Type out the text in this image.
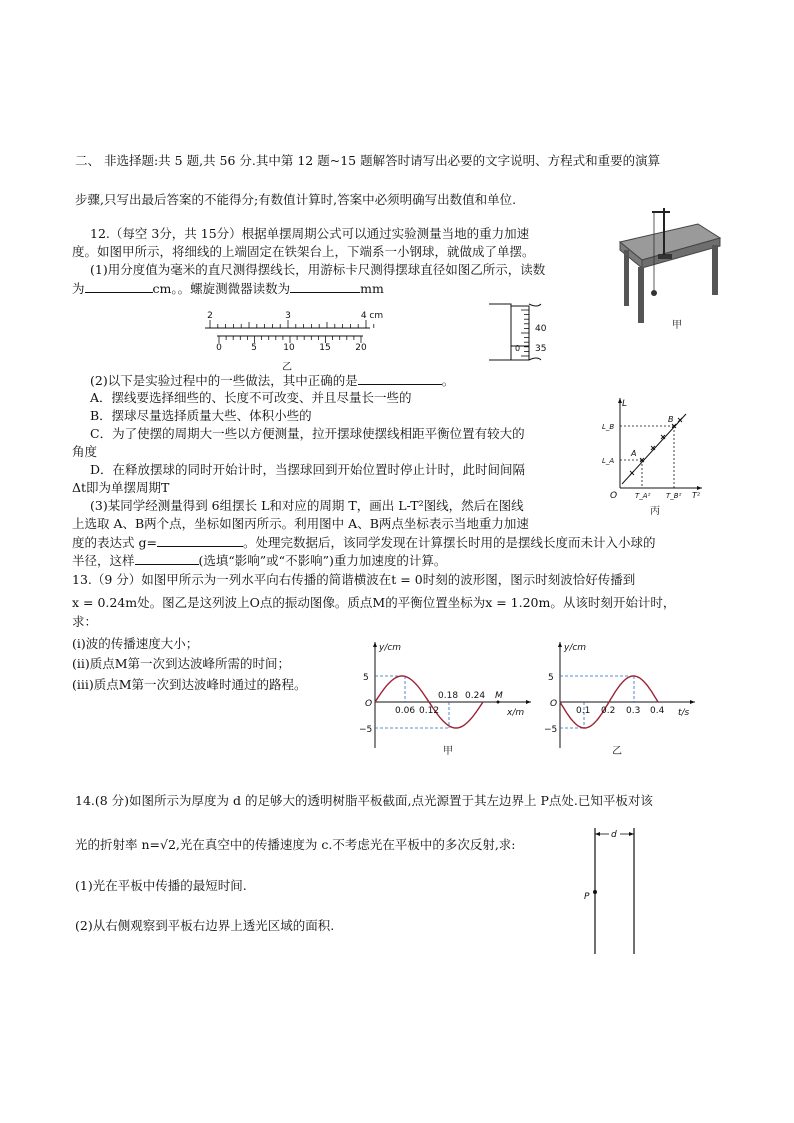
二、 非选择题:共 5 题,共 56 分.其中第 12 题~15 题解答时请写出必要的文字说明、方程式和重要的演算
步骤,只写出最后答案的不能得分;有数值计算时,答案中必须明确写出数值和单位.
12.（每空 3分，共 15分）根据单摆周期公式可以通过实验测量当地的重力加速
度。如图甲所示，将细线的上端固定在铁架台上，下端系一小钢球，就做成了单摆。
(1)用分度值为毫米的直尺测得摆线长，用游标卡尺测得摆球直径如图乙所示，读数
为	cm。。螺旋测微器读数为	mm
(2)以下是实验过程中的一些做法，其中正确的是	。
A．摆线要选择细些的、长度不可改变、并且尽量长一些的
B．摆球尽量选择质量大些、体积小些的
C．为了使摆的周期大一些以方便测量，拉开摆球使摆线相距平衡位置有较大的
角度
D．在释放摆球的同时开始计时，当摆球回到开始位置时停止计时，此时间间隔
Δt即为单摆周期T
(3)某同学经测量得到 6组摆长 L和对应的周期 T，画出 L-T²图线，然后在图线
上选取 A、B两个点，坐标如图丙所示。利用图中 A、B两点坐标表示当地重力加速
度的表达式 g=	。处理完数据后，该同学发现在计算摆长时用的是摆线长度而未计入小球的
半径，这样	(选填“影响”或“不影响”)重力加速度的计算。
13.（9 分）如图甲所示为一列水平向右传播的简谐横波在t = 0时刻的波形图，图示时刻波恰好传播到
x = 0.24m处。图乙是这列波上O点的振动图像。质点M的平衡位置坐标为x = 1.20m。从该时刻开始计时，
求：
(i)波的传播速度大小；
(ⅱ)质点M第一次到达波峰所需的时间；
(iii)质点M第一次到达波峰时通过的路程。
14.(8 分)如图所示为厚度为 d 的足够大的透明树脂平板截面,点光源置于其左边界上 P点处.已知平板对该
光的折射率 n=√2,光在真空中的传播速度为 c.不考虑光在平板中的多次反射,求:
(1)光在平板中传播的最短时间.
(2)从右侧观察到平板右边界上透光区域的面积.
甲
2	3	4 cm
0	5	10	15	20
乙
40
35
0
L
T²
O
L_B
L_A
T_A² T_B²
A
B
丙
y/cm
x/m
O
5
−5
0.06 0.12
0.18 0.24 M
甲
y/cm
t/s
O
5
−5
0.1 0.2 0.3 0.4
乙
d
P
